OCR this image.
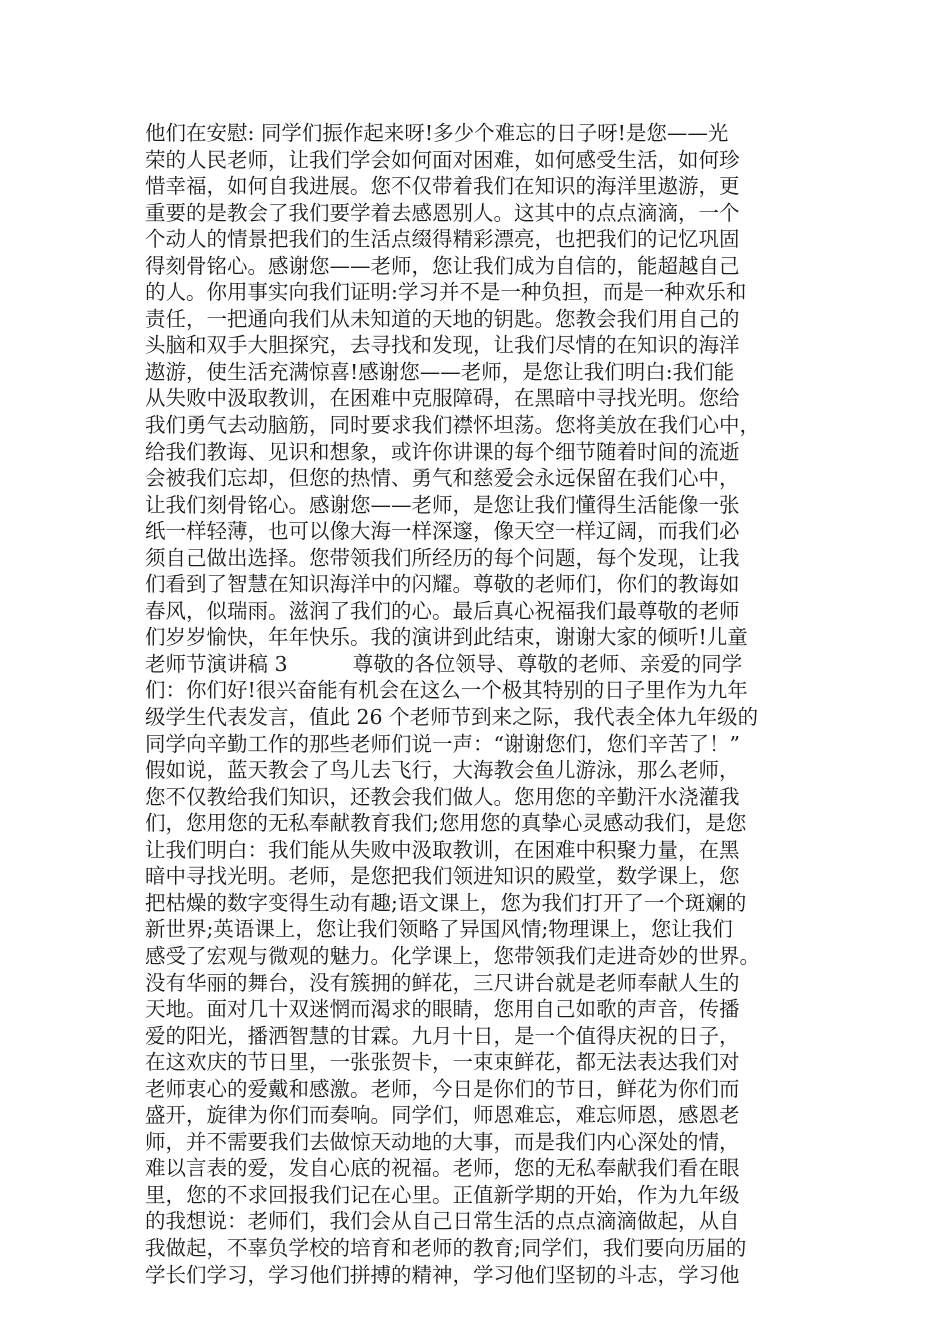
他们在安慰: 同学们振作起来呀!多少个难忘的日子呀!是您——光
荣的人民老师，让我们学会如何面对困难，如何感受生活，如何珍
惜幸福，如何自我进展。您不仅带着我们在知识的海洋里遨游，更
重要的是教会了我们要学着去感恩别人。这其中的点点滴滴，一个
个动人的情景把我们的生活点缀得精彩漂亮，也把我们的记忆巩固
得刻骨铭心。感谢您——老师，您让我们成为自信的，能超越自己
的人。你用事实向我们证明:学习并不是一种负担，而是一种欢乐和
责任，一把通向我们从未知道的天地的钥匙。您教会我们用自己的
头脑和双手大胆探究，去寻找和发现，让我们尽情的在知识的海洋
遨游，使生活充满惊喜!感谢您——老师，是您让我们明白:我们能
从失败中汲取教训，在困难中克服障碍，在黑暗中寻找光明。您给
我们勇气去动脑筋，同时要求我们襟怀坦荡。您将美放在我们心中，
给我们教诲、见识和想象，或许你讲课的每个细节随着时间的流逝
会被我们忘却，但您的热情、勇气和慈爱会永远保留在我们心中，
让我们刻骨铭心。感谢您——老师，是您让我们懂得生活能像一张
纸一样轻薄，也可以像大海一样深邃，像天空一样辽阔，而我们必
须自己做出选择。您带领我们所经历的每个问题，每个发现，让我
们看到了智慧在知识海洋中的闪耀。尊敬的老师们，你们的教诲如
春风，似瑞雨。滋润了我们的心。最后真心祝福我们最尊敬的老师
们岁岁愉快，年年快乐。我的演讲到此结束，谢谢大家的倾听!儿童
老师节演讲稿 3          尊敬的各位领导、尊敬的老师、亲爱的同学
们：你们好!很兴奋能有机会在这么一个极其特别的日子里作为九年
级学生代表发言，值此 26 个老师节到来之际，我代表全体九年级的
同学向辛勤工作的那些老师们说一声：“谢谢您们，您们辛苦了！”
假如说，蓝天教会了鸟儿去飞行，大海教会鱼儿游泳，那么老师，
您不仅教给我们知识，还教会我们做人。您用您的辛勤汗水浇灌我
们，您用您的无私奉献教育我们;您用您的真挚心灵感动我们，是您
让我们明白：我们能从失败中汲取教训，在困难中积聚力量，在黑
暗中寻找光明。老师，是您把我们领进知识的殿堂，数学课上，您
把枯燥的数字变得生动有趣;语文课上，您为我们打开了一个斑斓的
新世界;英语课上，您让我们领略了异国风情;物理课上，您让我们
感受了宏观与微观的魅力。化学课上，您带领我们走进奇妙的世界。
没有华丽的舞台，没有簇拥的鲜花，三尺讲台就是老师奉献人生的
天地。面对几十双迷惘而渴求的眼睛，您用自己如歌的声音，传播
爱的阳光，播洒智慧的甘霖。九月十日，是一个值得庆祝的日子，
在这欢庆的节日里，一张张贺卡，一束束鲜花，都无法表达我们对
老师衷心的爱戴和感激。老师，今日是你们的节日，鲜花为你们而
盛开，旋律为你们而奏响。同学们，师恩难忘，难忘师恩，感恩老
师，并不需要我们去做惊天动地的大事，而是我们内心深处的情，
难以言表的爱，发自心底的祝福。老师，您的无私奉献我们看在眼
里，您的不求回报我们记在心里。正值新学期的开始，作为九年级
的我想说：老师们，我们会从自己日常生活的点点滴滴做起，从自
我做起，不辜负学校的培育和老师的教育;同学们，我们要向历届的
学长们学习，学习他们拼搏的精神，学习他们坚韧的斗志，学习他
